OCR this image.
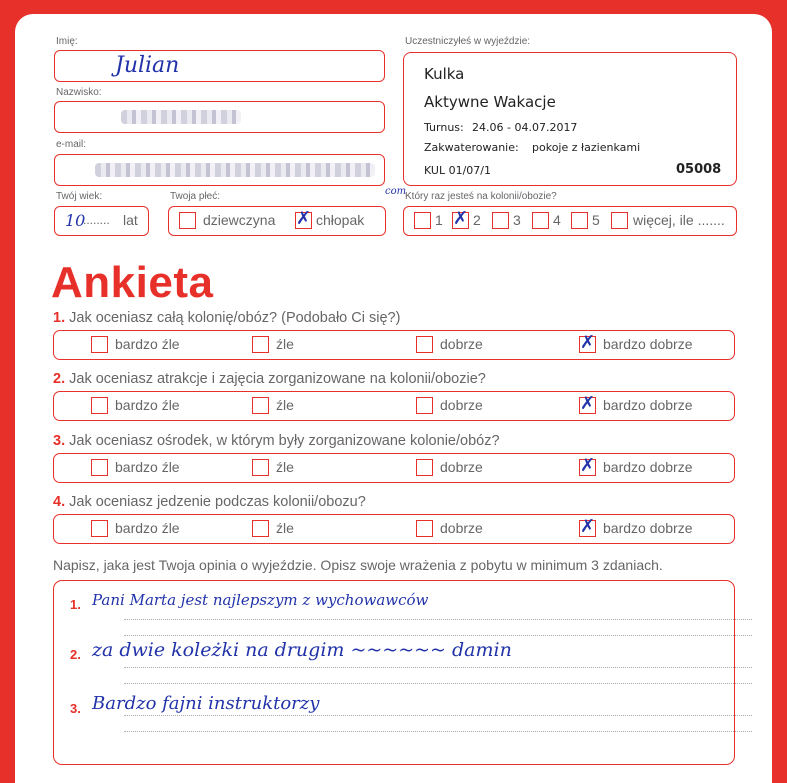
Imię:
Julian
Nazwisko:
e-mail:
com
Twój wiek:
10
........ lat
Twoja płeć:
dziewczyna ✗ chłopak
Który raz jesteś na kolonii/obozie?
1 ✗ 2 3 4 5 więcej, ile .......
Uczestniczyłeś w wyjeździe:
Kulka
Aktywne Wakacje
Turnus: 24.06 - 04.07.2017
Zakwaterowanie: pokoje z łazienkami
KUL 01/07/1	05008
Ankieta
1. Jak oceniasz całą kolonię/obóz? (Podobało Ci się?)
bardzo źle	źle	dobrze	✗ bardzo dobrze
2. Jak oceniasz atrakcje i zajęcia zorganizowane na kolonii/obozie?
bardzo źle	źle	dobrze	✗ bardzo dobrze
3. Jak oceniasz ośrodek, w którym były zorganizowane kolonie/obóz?
bardzo źle	źle	dobrze	✗ bardzo dobrze
4. Jak oceniasz jedzenie podczas kolonii/obozu?
bardzo źle	źle	dobrze	✗ bardzo dobrze
Napisz, jaka jest Twoja opinia o wyjeździe. Opisz swoje wrażenia z pobytu w minimum 3 zdaniach.
1. Pani Marta jest najlepszym z wychowawców
2. za dwie koleżki na drugim ~~~~~~ damin
3. Bardzo fajni instruktorzy
